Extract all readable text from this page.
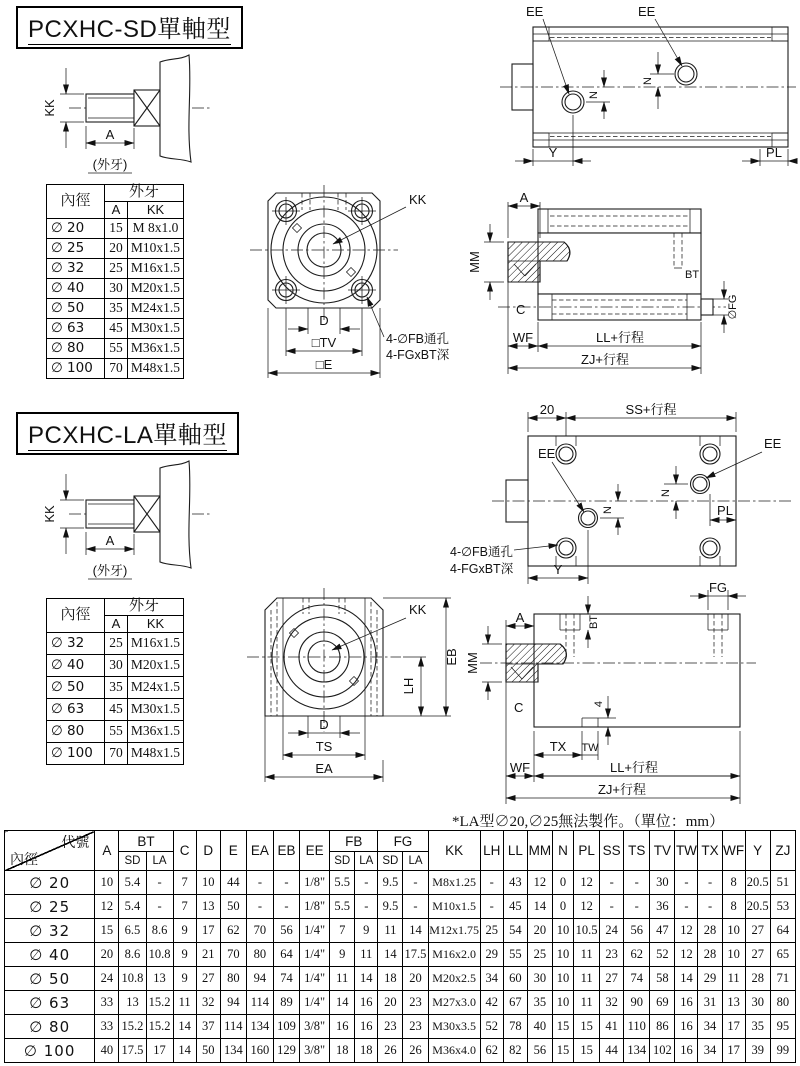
PCXHC-SD單軸型
KK
A
(外牙)
內徑	外牙	
	A	KK
∅ 20	15	M 8x1.0
∅ 25	20	M10x1.5
∅ 32	25	M16x1.5
∅ 40	30	M20x1.5
∅ 50	35	M24x1.5
∅ 63	45	M30x1.5
∅ 80	55	M36x1.5
∅ 100	70	M48x1.5
KK
D
□TV
□E
4-∅FB通孔
4-FGxBT深
EE	EE
N
N
Y	PL
BT
∅FG
A
MM
C
WF	LL+行程
ZJ+行程
PCXHC-LA單軸型
KK
A
(外牙)
內徑	外牙	
	A	KK
∅ 32	25	M16x1.5
∅ 40	30	M20x1.5
∅ 50	35	M24x1.5
∅ 63	45	M30x1.5
∅ 80	55	M36x1.5
∅ 100	70	M48x1.5
20	SS+行程
EE
EE
N
N
PL
4-∅FB通孔
4-FGxBT深	Y
KK
EB
LH
D
TS
EA
FG
BT
A
MM
C	4
TX TW
WF	LL+行程
ZJ+行程
*LA型∅20,∅25無法製作。（單位：mm）
代號
內徑	A	BT		C	D	E	EA	EB	EE	FB		FG		KK	LH	LL	MM	N	PL	SS	TS	TV	TW	TX	WF	Y	ZJ
		SD	LA							SD	LA	SD	LA														
∅ 20	10	5.4	-	7	10	44	-	-	1/8"	5.5	-	9.5	-	M8x1.25	-	43	12	0	12	-	-	30	-	-	8	20.5	51
∅ 25	12	5.4	-	7	13	50	-	-	1/8"	5.5	-	9.5	-	M10x1.5	-	45	14	0	12	-	-	36	-	-	8	20.5	53
∅ 32	15	6.5	8.6	9	17	62	70	56	1/4"	7	9	11	14	M12x1.75	25	54	20	10	10.5	24	56	47	12	28	10	27	64
∅ 40	20	8.6	10.8	9	21	70	80	64	1/4"	9	11	14	17.5	M16x2.0	29	55	25	10	11	23	62	52	12	28	10	27	65
∅ 50	24	10.8	13	9	27	80	94	74	1/4"	11	14	18	20	M20x2.5	34	60	30	10	11	27	74	58	14	29	11	28	71
∅ 63	33	13	15.2	11	32	94	114	89	1/4"	14	16	20	23	M27x3.0	42	67	35	10	11	32	90	69	16	31	13	30	80
∅ 80	33	15.2	15.2	14	37	114	134	109	3/8"	16	16	23	23	M30x3.5	52	78	40	15	15	41	110	86	16	34	17	35	95
∅ 100	40	17.5	17	14	50	134	160	129	3/8"	18	18	26	26	M36x4.0	62	82	56	15	15	44	134	102	16	34	17	39	99
